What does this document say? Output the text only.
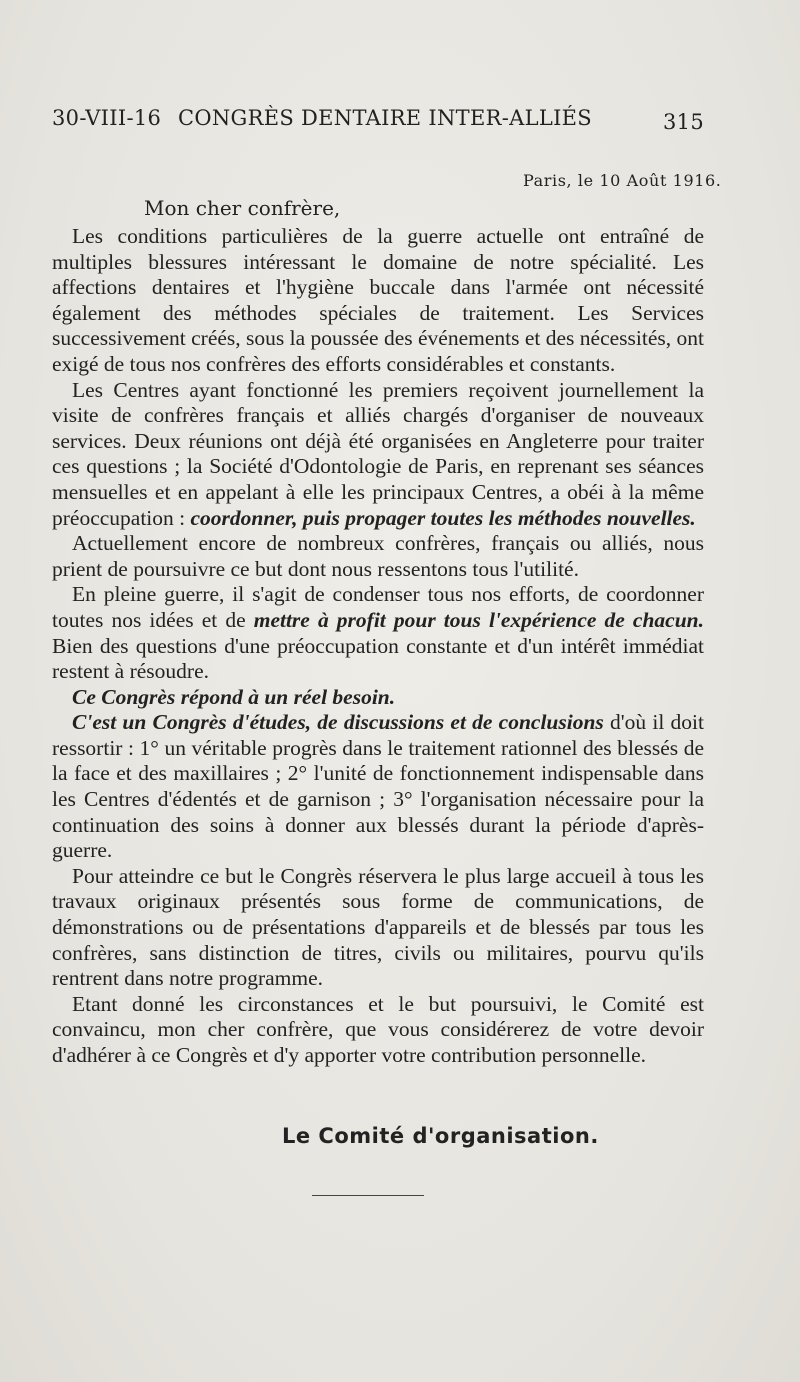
30-VIII-16 CONGRÈS DENTAIRE INTER-ALLIÉS	315
Paris, le 10 Août 1916.
Mon cher confrère,

Les conditions particulières de la guerre actuelle ont entraîné de multiples blessures intéressant le domaine de notre spécialité. Les affections dentaires et l'hygiène buccale dans l'armée ont nécessité également des méthodes spéciales de traitement. Les Services successivement créés, sous la poussée des événements et des nécessités, ont exigé de tous nos confrères des efforts considérables et constants.

Les Centres ayant fonctionné les premiers reçoivent journellement la visite de confrères français et alliés chargés d'organiser de nouveaux services. Deux réunions ont déjà été organisées en Angleterre pour traiter ces questions ; la Société d'Odontologie de Paris, en reprenant ses séances mensuelles et en appelant à elle les principaux Centres, a obéi à la même préoccupation : coordonner, puis propager toutes les méthodes nouvelles.

Actuellement encore de nombreux confrères, français ou alliés, nous prient de poursuivre ce but dont nous ressentons tous l'utilité.

En pleine guerre, il s'agit de condenser tous nos efforts, de coordonner toutes nos idées et de mettre à profit pour tous l'expérience de chacun. Bien des questions d'une préoccupation constante et d'un intérêt immédiat restent à résoudre.

Ce Congrès répond à un réel besoin.

C'est un Congrès d'études, de discussions et de conclusions d'où il doit ressortir : 1° un véritable progrès dans le traitement rationnel des blessés de la face et des maxillaires ; 2° l'unité de fonctionnement indispensable dans les Centres d'édentés et de garnison ; 3° l'organisation nécessaire pour la continuation des soins à donner aux blessés durant la période d'après-guerre.

Pour atteindre ce but le Congrès réservera le plus large accueil à tous les travaux originaux présentés sous forme de communications, de démonstrations ou de présentations d'appareils et de blessés par tous les confrères, sans distinction de titres, civils ou militaires, pourvu qu'ils rentrent dans notre programme.

Etant donné les circonstances et le but poursuivi, le Comité est convaincu, mon cher confrère, que vous considérerez de votre devoir d'adhérer à ce Congrès et d'y apporter votre contribution personnelle.

Le Comité d'organisation.
